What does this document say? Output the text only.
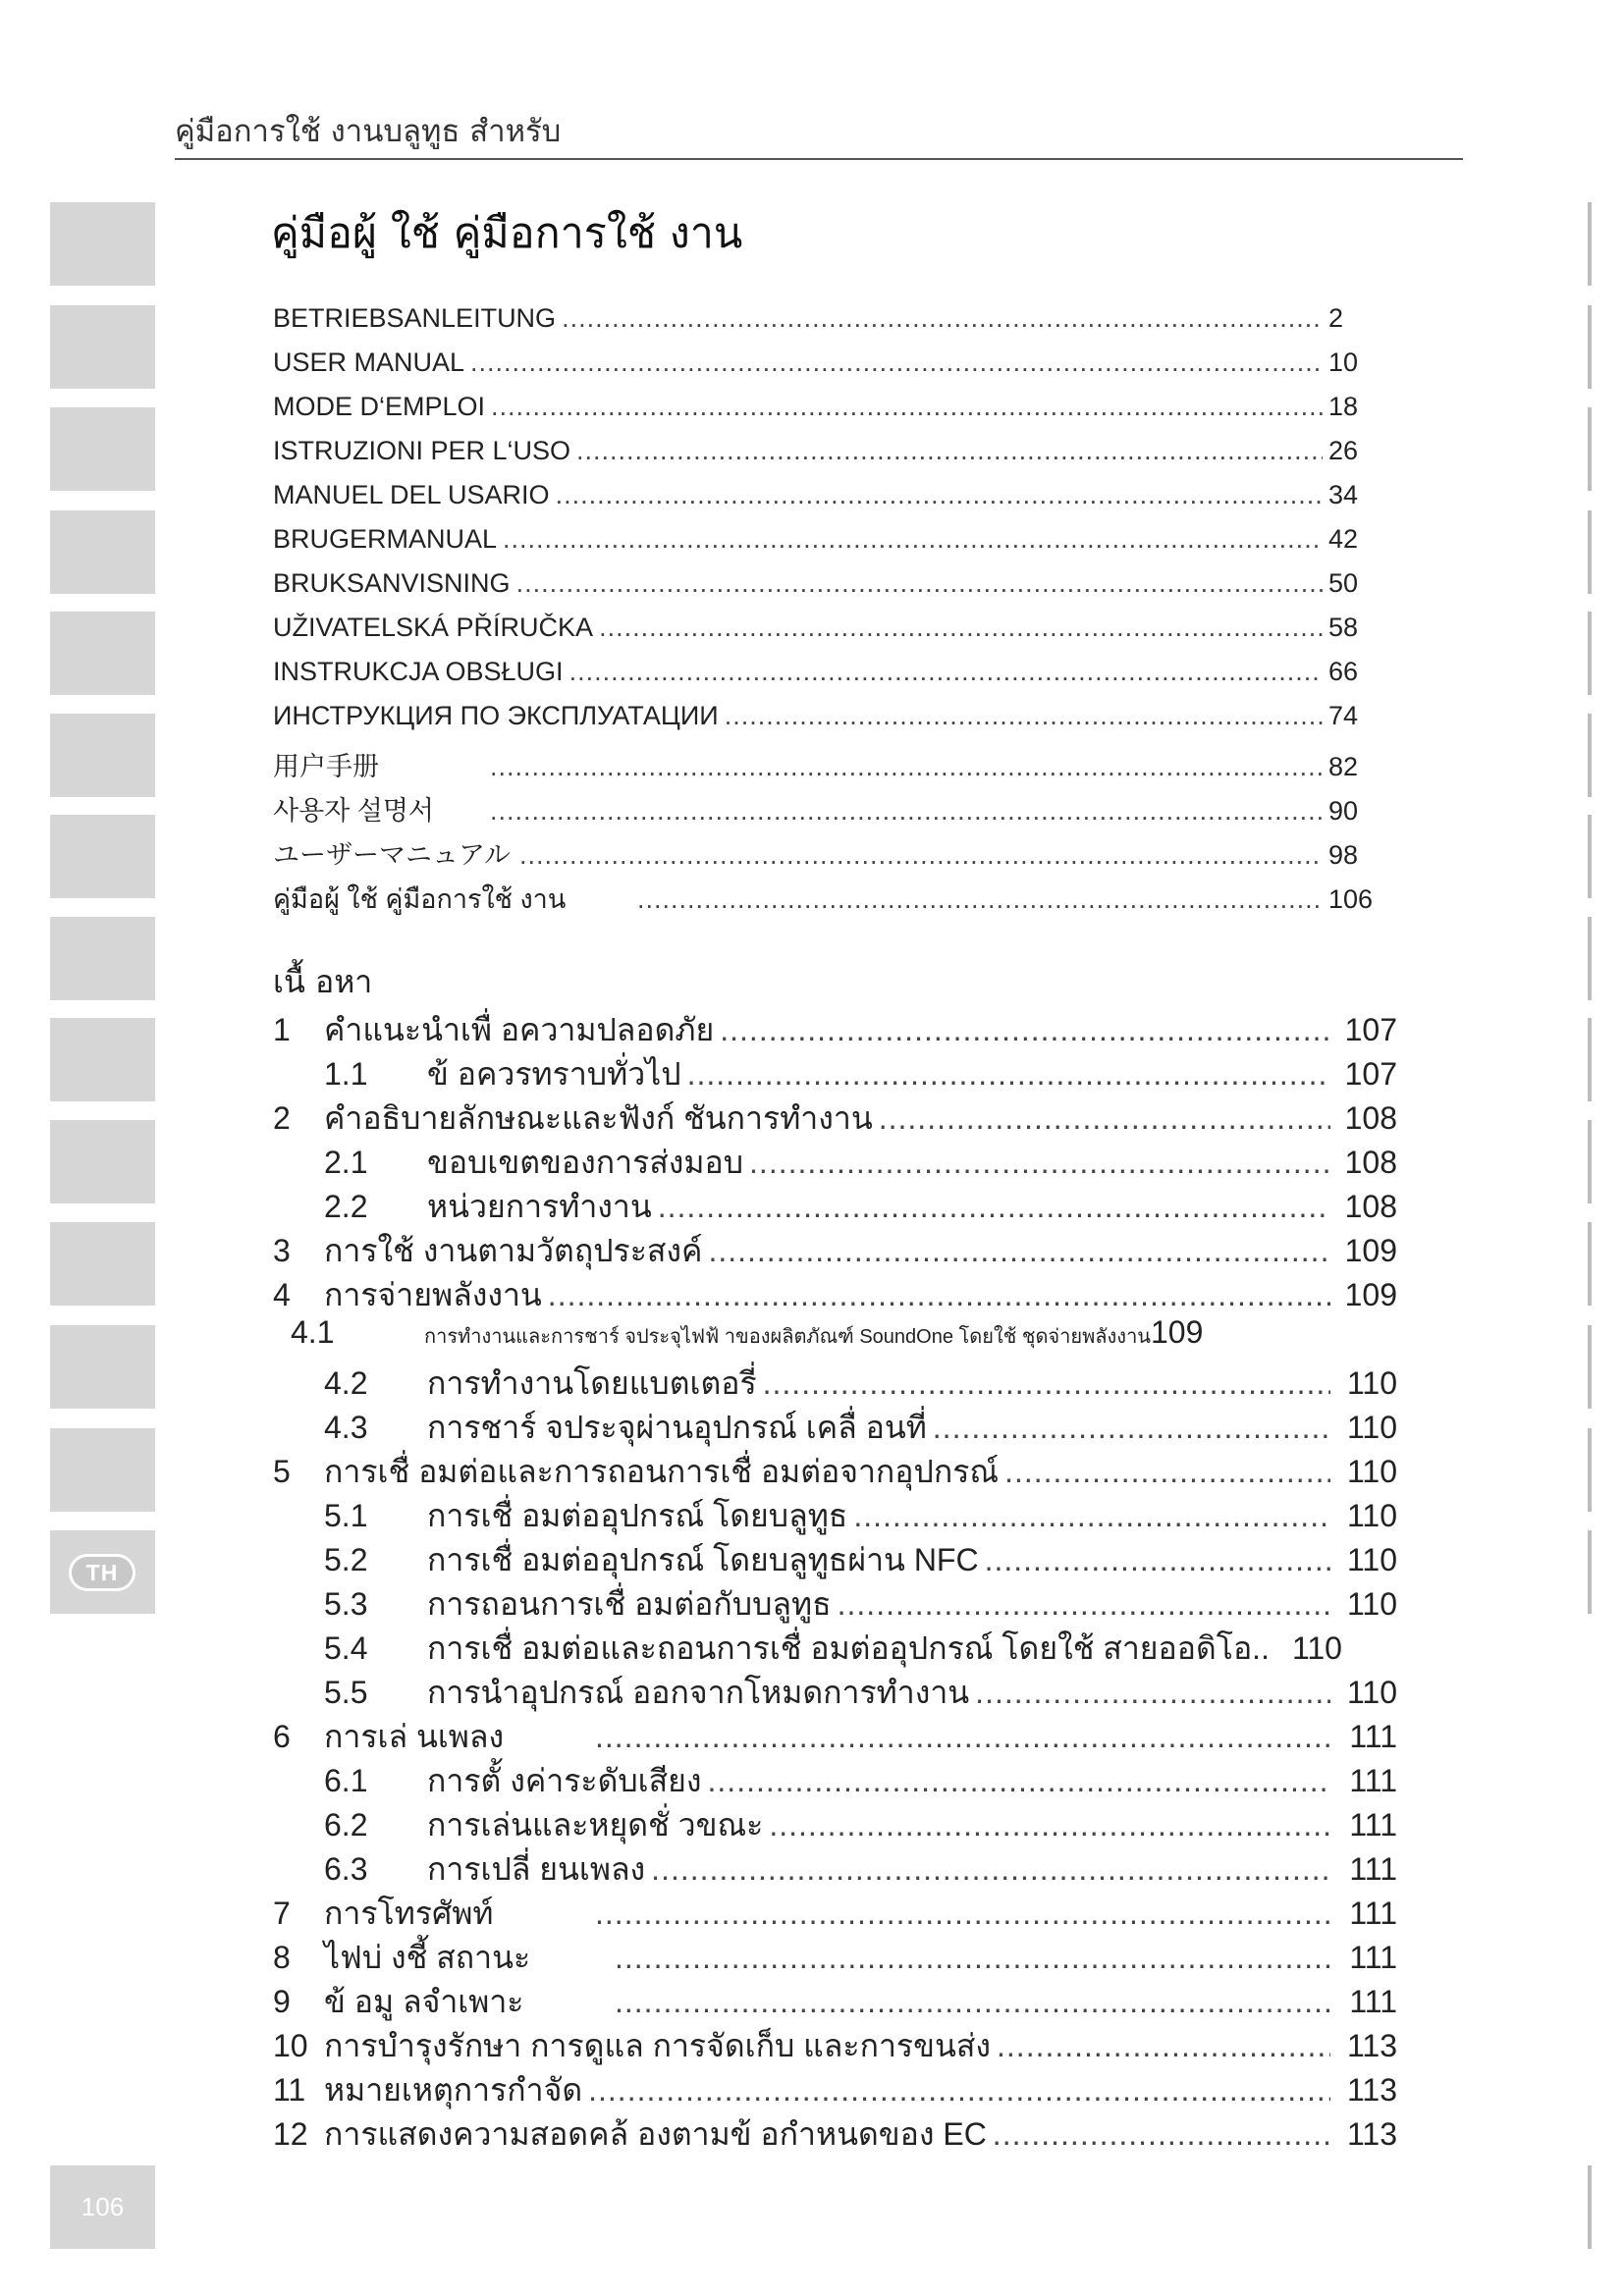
คู่มือการใช้ งานบลูทูธ สำหรับ
TH
106
คู่มือผู้ ใช้ คู่มือการใช้ งาน
BETRIEBSANLEITUNG .....	2
USER MANUAL .....	10
MODE D‘EMPLOI .....	18
ISTRUZIONI PER L‘USO .....	26
MANUEL DEL USARIO .....	34
BRUGERMANUAL .....	42
BRUKSANVISNING .....	50
UŽIVATELSKÁ PŘÍRUČKA .....	58
INSTRUKCJA OBSŁUGI .....	66
ИНСТРУКЦИЯ ПО ЭКСПЛУАТАЦИИ .....	74
用户手册 .....	82
사용자 설명서 .....	90
ユーザーマニュアル .....	98
คู่มือผู้ ใช้ คู่มือการใช้ งาน .....	106
เนื้ อหา
1	คำแนะนำเพื่ อความปลอดภัย .....	107
1.1	ข้ อควรทราบทั่วไป .....	107
2	คำอธิบายลักษณะและฟังก์ ชันการทำงาน .....	108
2.1	ขอบเขตของการส่งมอบ .....	108
2.2	หน่วยการทำงาน .....	108
3	การใช้ งานตามวัตถุประสงค์ .....	109
4	การจ่ายพลังงาน .....	109
4.1	การทำงานและการชาร์ จประจุไฟฟ้ าของผลิตภัณฑ์ SoundOne โดยใช้ ชุดจ่ายพลังงาน 109
4.2	การทำงานโดยแบตเตอรี่ .....	110
4.3	การชาร์ จประจุผ่านอุปกรณ์ เคลื่ อนที่ .....	110
5	การเชื่ อมต่อและการถอนการเชื่ อมต่อจากอุปกรณ์ .....	110
5.1	การเชื่ อมต่ออุปกรณ์ โดยบลูทูธ .....	110
5.2	การเชื่ อมต่ออุปกรณ์ โดยบลูทูธผ่าน NFC .....	110
5.3	การถอนการเชื่ อมต่อกับบลูทูธ .....	110
5.4	การเชื่ อมต่อและถอนการเชื่ อมต่ออุปกรณ์ โดยใช้ สายออดิโอ.. 110
5.5	การนำอุปกรณ์ ออกจากโหมดการทำงาน .....	110
6	การเล่ นเพลง .....	111
6.1	การตั้ งค่าระดับเสียง .....	111
6.2	การเล่นและหยุดชั่ วขณะ .....	111
6.3	การเปลี่ ยนเพลง .....	111
7	การโทรศัพท์ .....	111
8	ไฟบ่ งชี้ สถานะ .....	111
9	ข้ อมู ลจำเพาะ .....	111
10 การบำรุงรักษา การดูแล การจัดเก็บ และการขนส่ง .....	113
11 หมายเหตุการกำจัด .....	113
12 การแสดงความสอดคล้ องตามข้ อกำหนดของ EC .....	113
